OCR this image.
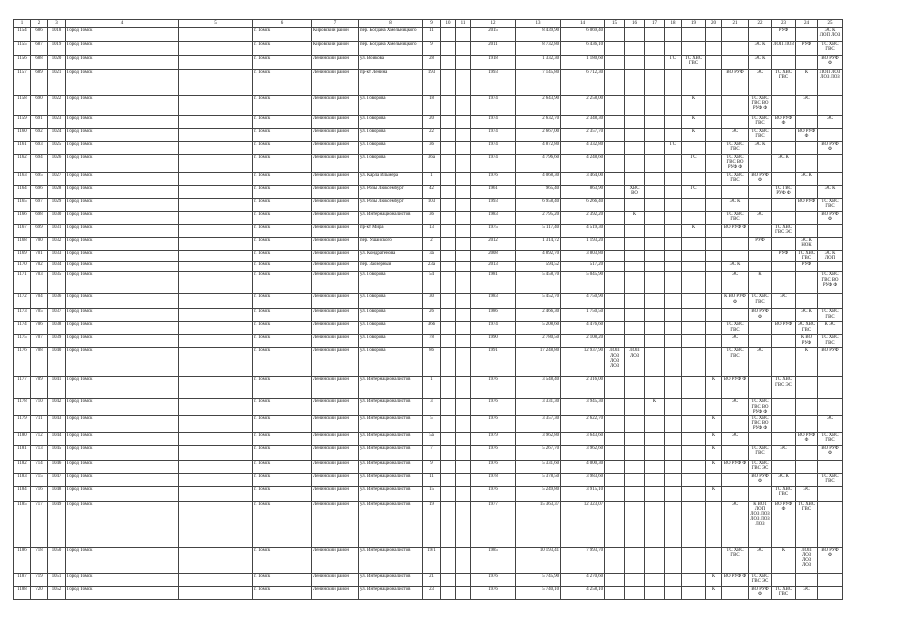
1	2	3	4	5	6	7	8	9	10	11	12	13	14	15	16	17	18	19	20	21	22	23	24	25
1154	686	1018	Город Томск		г. Томск	Кировский район	пер. Богдана Хмельницкого	11			2015	8 439,90	6 069,40									РУФ		ЭС К ЛОП ЛОЗ
1155	687	1019	Город Томск		г. Томск	Кировский район	пер. Богдана Хмельницкого	9			2011	8 732,80	6 436,10								ЭС К	ЛОП ЛОЗ	РУФ	ТС ХВС ГВС
1156	688	1020	Город Томск		г. Томск	Ленинский район	ул. Войкова	28			1918	1 332,30	1 180,60				ГС	ТС ХВС ГВС			ЭС К			ВО РУФ Ф
1157	689	1021	Город Томск		г. Томск	Ленинский район	пр-кт Ленина	193			1993	7 145,80	6 712,30							ВО РУФ	ЭС	ТС ХВС ГВС	К	ЛОП ЛОЗ ЛОЗ ЛОЗ
1158	690	1022	Город Томск		г. Томск	Ленинский район	ул. Говорова	18			1974	2 643,90	2 258,00					К			ТС ХВС ГВС ВО РУФ Ф		ЭС	
1159	691	1023	Город Томск		г. Томск	Ленинский район	ул. Говорова	20			1974	2 632,70	2 348,30					К			ТС ХВС ГВС	ВО РУФ Ф		ЭС
1160	692	1024	Город Томск		г. Томск	Ленинский район	ул. Говорова	22			1974	2 667,00	2 357,70					К		ЭС	ТС ХВС ГВС		ВО РУФ Ф	
1161	693	1025	Город Томск		г. Томск	Ленинский район	ул. Говорова	36			1974	4 872,80	4 332,80				ГС			ТС ХВС ГВС	ЭС К			ВО РУФ Ф
1162	694	1026	Город Томск		г. Томск	Ленинский район	ул. Говорова	36а			1974	4 796,60	4 248,60					ГС		ТС ХВС ГВС ВО РУФ Ф		ЭС К		
1163	695	1027	Город Томск		г. Томск	Ленинский район	ул. Карла Ильмера	1			1976	4 068,30	3 464,00							ТС ХВС ГВС	ВО РУФ Ф		ЭС К	
1164	696	1028	Город Томск		г. Томск	Ленинский район	ул. Розы Люксембург	42			1961	965,40	863,90		ХВС ВО			ГС				ТС ГВС РУФ Ф		ЭС К
1165	697	1029	Город Томск		г. Томск	Ленинский район	ул. Розы Люксембург	103			1993	6 958,40	6 266,40							ЭС К			ВО РУФ	ТС ХВС ГВС
1166	698	1030	Город Томск		г. Томск	Ленинский район	ул. Интернационалистов	36			1983	2 795,20	2 392,20		К					ТС ХВС ГВС	ЭС			ВО РУФ Ф
1167	699	1031	Город Томск		г. Томск	Ленинский район	пр-кт Мира	13			1975	5 117,40	4 519,30					К		ВО РУФ Ф		ТС ХВС ГВС ЭС		
1168	700	1032	Город Томск		г. Томск	Ленинский район	пер. Ушайского	2			2012	1 314,72	1 193,20								РУФ		ЭС К НОК	
1169	701	1033	Город Томск		г. Томск	Ленинский район	ул. Кондратенова	3а			2008	4 892,70	3 803,80									РУФ	ТС ХВС ГВС	ЭС К ЛОП
1170	702	1034	Город Томск		г. Томск	Ленинский район	пер. Заозерный	23а			2013	594,52	517,20							ЭС К			РУФ	
1171	703	1035	Город Томск		г. Томск	Ленинский район	ул. Говорова	54			1981	5 458,70	5 045,90							ЭС	К			ТС ХВС ГВС ВО РУФ Ф
1172	704	1036	Город Томск		г. Томск	Ленинский район	ул. Говорова	30			1983	5 452,70	4 750,90							К ВО РУФ Ф	ТС ХВС ГВС	ЭС		
1173	705	1037	Город Томск		г. Томск	Ленинский район	ул. Говорова	26			1986	2 466,30	1 750,50								ВО РУФ Ф		ЭС К	ТС ХВС ГВС
1174	706	1038	Город Томск		г. Томск	Ленинский район	ул. Говорова	36б			1974	5 208,60	4 476,60							ТС ХВС ГВС		ВО РУФ	ЭС ХВС ГВС	К ЭС
1175	707	1039	Город Томск		г. Томск	Ленинский район	ул. Говорова	78			1990	2 780,50	2 108,20							ЭС			К ВО РУФ	ТС ХВС ГВС
1176	708	1040	Город Томск		г. Томск	Ленинский район	ул. Говорова	86			1991	17 248,80	12 937,90	ЛОП ЛОЗ ЛОЗ ЛОЗ	ЛОП ЛОЗ					ТС ХВС ГВС	ЭС		К	ВО РУФ
1177	709	1041	Город Томск		г. Томск	Ленинский район	ул. Интернационалистов	1			1976	3 548,40	2 316,00						К	ВО РУФ Ф		ТС ХВС ГВС ЭС		
1178	710	1042	Город Томск		г. Томск	Ленинский район	ул. Интернационалистов	3			1976	3 331,30	3 945,30			К				ЭС	ТС ХВС ГВС ВО РУФ Ф			
1179	711	1043	Город Томск		г. Томск	Ленинский район	ул. Интернационалистов	5			1976	3 357,30	2 622,70						К		ТС ХВС ГВС ВО РУФ Ф			ЭС
1180	712	1044	Город Томск		г. Томск	Ленинский район	ул. Интернационалистов	5а			1979	3 962,80	3 643,60						К	ЭС			ВО РУФ Ф	ТС ХВС ГВС
1181	713	1045	Город Томск		г. Томск	Ленинский район	ул. Интернационалистов	7			1976	5 267,70	3 962,60						К		ТС ХВС ГВС	ЭС		ВО РУФ Ф
1182	714	1046	Город Томск		г. Томск	Ленинский район	ул. Интернационалистов	9			1976	5 331,60	4 000,30						К	ВО РУФ Ф	ТС ХВС ГВС ЭС			
1183	715	1047	Город Томск		г. Томск	Ленинский район	ул. Интернационалистов	11			1978	5 378,50	3 983,60								ВО РУФ Ф	ЭС К		ТС ХВС ГВС
1184	716	1048	Город Томск		г. Томск	Ленинский район	ул. Интернационалистов	15			1976	5 249,80	3 915,10						К			ТС ХВС ГВС	ЭС	
1185	717	1049	Город Томск		г. Томск	Ленинский район	ул. Интернационалистов	19			1977	15 363,37	12 323,07							ЭС	К ВО1 ЛОП ЛОЗ ЛОЗ ЛОЗ ЛОЗ ЛОЗ	ВО РУФ Ф	ТС ХВС ГВС	
1186	718	1050	Город Томск		г. Томск	Ленинский район	ул. Интернационалистов	19/1			1985	10 193,41	7 993,70							ТС ХВС ГВС	ЭС	К	ЛОП ЛОЗ ЛОЗ ЛОЗ	ВО РУФ Ф
1187	719	1051	Город Томск		г. Томск	Ленинский район	ул. Интернационалистов	21			1976	5 745,90	4 270,60						К	ВО РУФ Ф	ТС ХВС ГВС ЭС			
1188	720	1052	Город Томск		г. Томск	Ленинский район	ул. Интернационалистов	23			1976	5 740,10	4 258,10						К		ВО РУФ Ф	ТС ХВС ГВС	ЭС	
